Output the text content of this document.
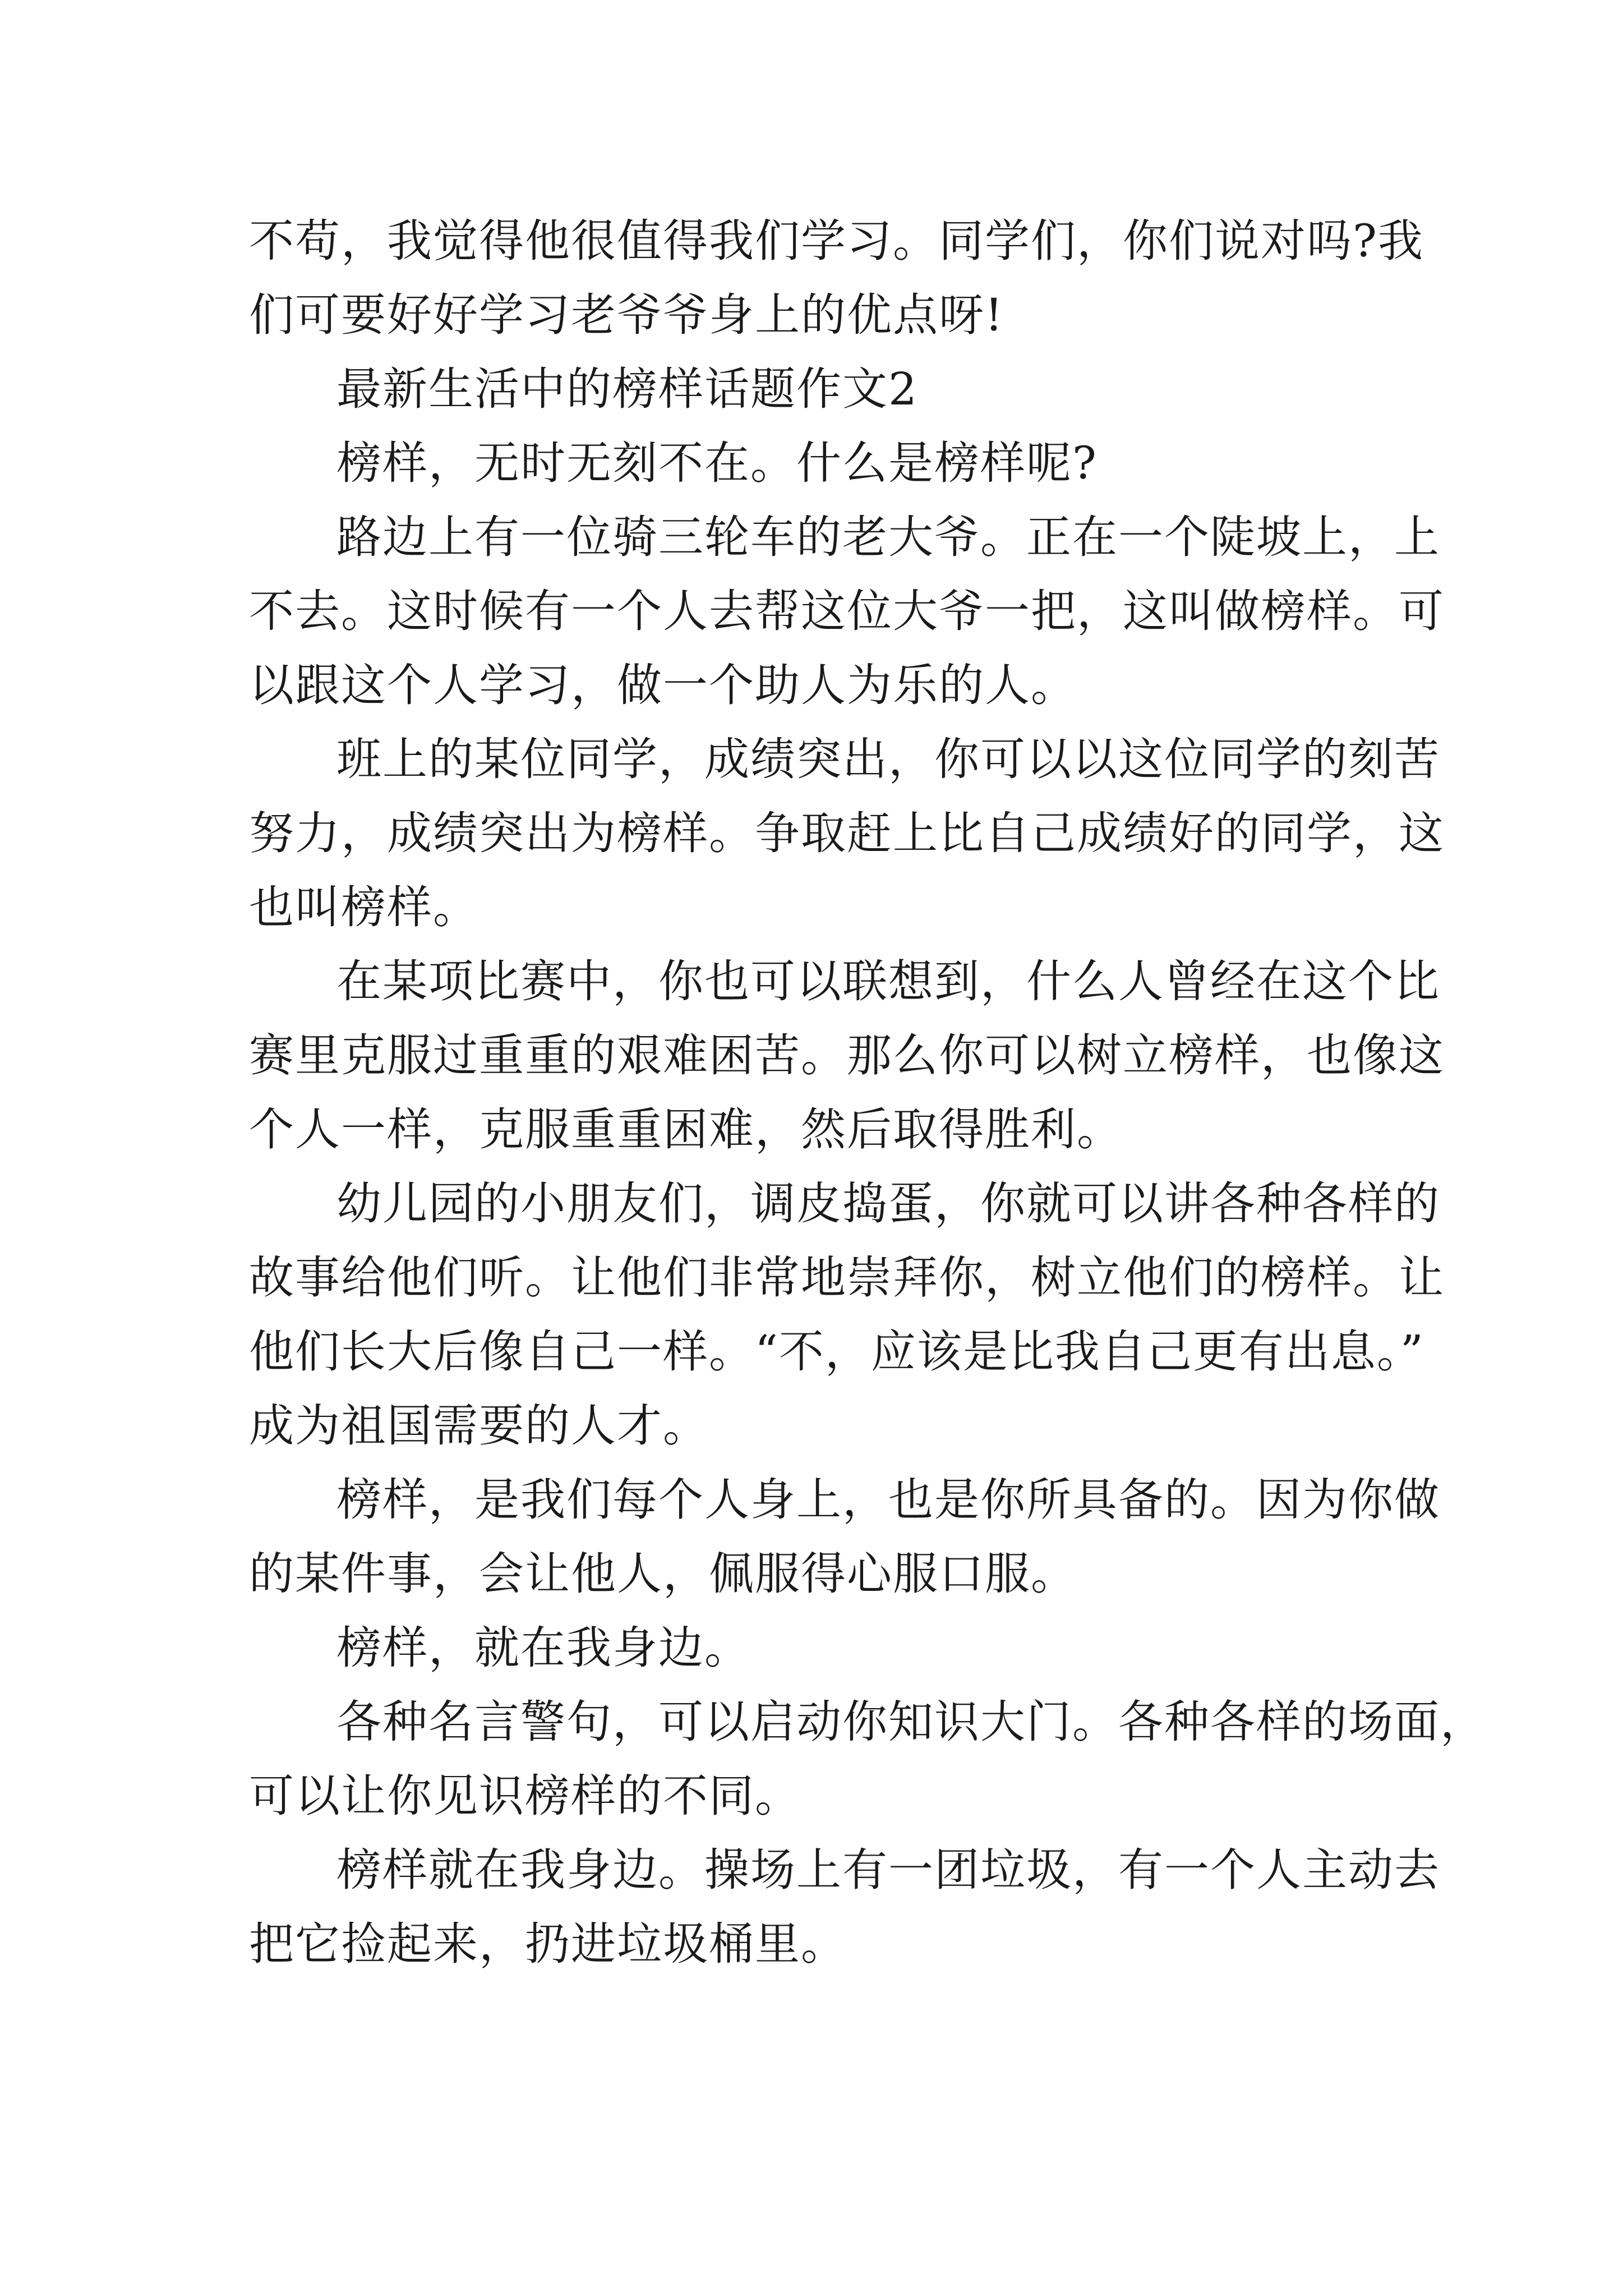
不苟，我觉得他很值得我们学习。同学们，你们说对吗?我
们可要好好学习老爷爷身上的优点呀!
最新生活中的榜样话题作文2
榜样，无时无刻不在。什么是榜样呢?
路边上有一位骑三轮车的老大爷。正在一个陡坡上，上
不去。这时候有一个人去帮这位大爷一把，这叫做榜样。可
以跟这个人学习，做一个助人为乐的人。
班上的某位同学，成绩突出，你可以以这位同学的刻苦
努力，成绩突出为榜样。争取赶上比自己成绩好的同学，这
也叫榜样。
在某项比赛中，你也可以联想到，什么人曾经在这个比
赛里克服过重重的艰难困苦。那么你可以树立榜样，也像这
个人一样，克服重重困难，然后取得胜利。
幼儿园的小朋友们，调皮捣蛋，你就可以讲各种各样的
故事给他们听。让他们非常地崇拜你，树立他们的榜样。让
他们长大后像自己一样。“不，应该是比我自己更有出息。”
成为祖国需要的人才。
榜样，是我们每个人身上，也是你所具备的。因为你做
的某件事，会让他人，佩服得心服口服。
榜样，就在我身边。
各种名言警句，可以启动你知识大门。各种各样的场面，
可以让你见识榜样的不同。
榜样就在我身边。操场上有一团垃圾，有一个人主动去
把它捡起来，扔进垃圾桶里。
